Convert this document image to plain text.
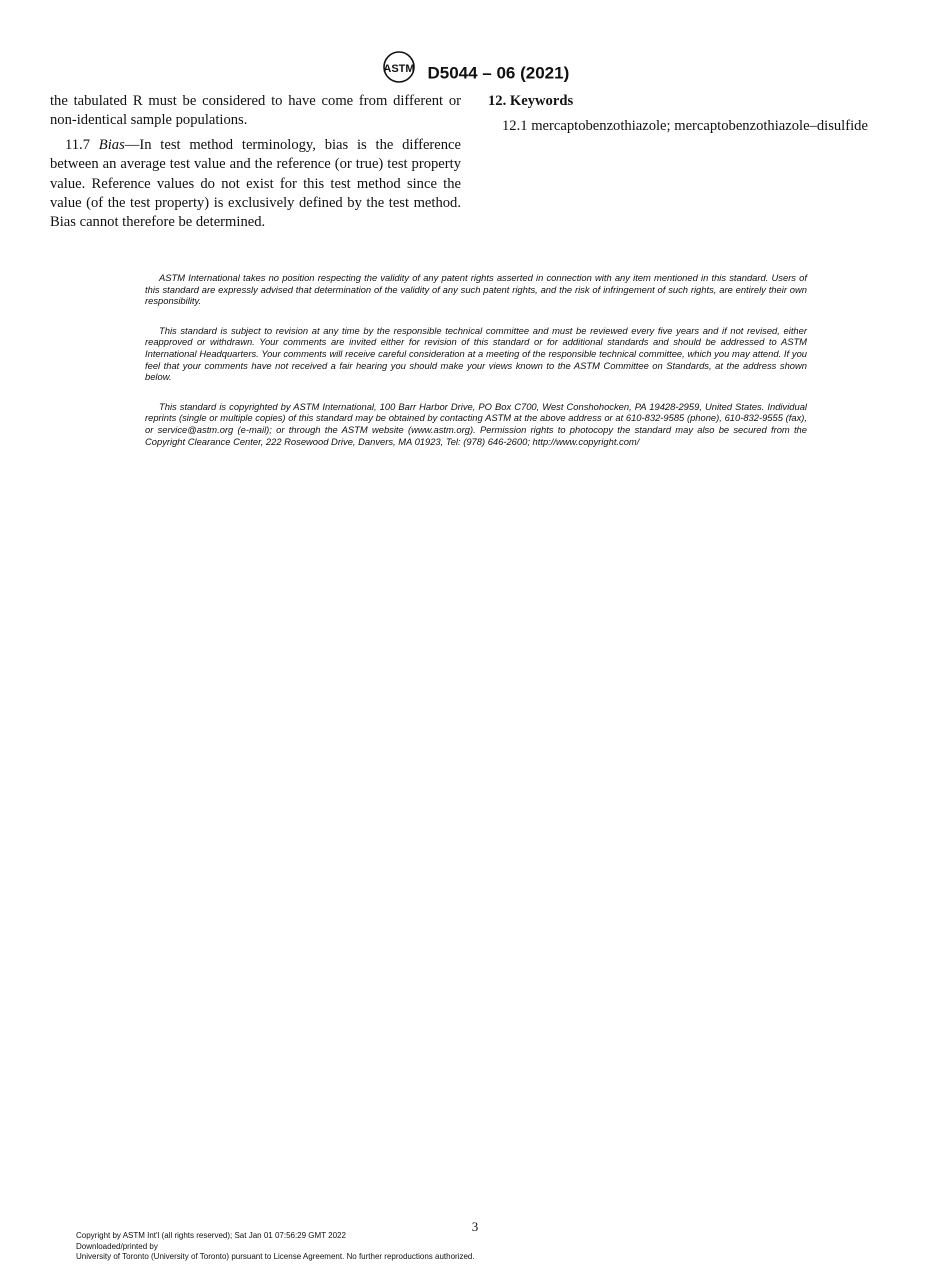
ASTM D5044 – 06 (2021)

the tabulated R must be considered to have come from different or non-identical sample populations.

11.7 Bias—In test method terminology, bias is the difference between an average test value and the reference (or true) test property value. Reference values do not exist for this test method since the value (of the test property) is exclusively defined by the test method. Bias cannot therefore be determined.

12. Keywords

12.1 mercaptobenzothiazole; mercaptobenzothiazole–disulfide

ASTM International takes no position respecting the validity of any patent rights asserted in connection with any item mentioned in this standard. Users of this standard are expressly advised that determination of the validity of any such patent rights, and the risk of infringement of such rights, are entirely their own responsibility.

This standard is subject to revision at any time by the responsible technical committee and must be reviewed every five years and if not revised, either reapproved or withdrawn. Your comments are invited either for revision of this standard or for additional standards and should be addressed to ASTM International Headquarters. Your comments will receive careful consideration at a meeting of the responsible technical committee, which you may attend. If you feel that your comments have not received a fair hearing you should make your views known to the ASTM Committee on Standards, at the address shown below.

This standard is copyrighted by ASTM International, 100 Barr Harbor Drive, PO Box C700, West Conshohocken, PA 19428-2959, United States. Individual reprints (single or multiple copies) of this standard may be obtained by contacting ASTM at the above address or at 610-832-9585 (phone), 610-832-9555 (fax), or service@astm.org (e-mail); or through the ASTM website (www.astm.org). Permission rights to photocopy the standard may also be secured from the Copyright Clearance Center, 222 Rosewood Drive, Danvers, MA 01923, Tel: (978) 646-2600; http://www.copyright.com/

3
Copyright by ASTM Int'l (all rights reserved); Sat Jan 01 07:56:29 GMT 2022
Downloaded/printed by
University of Toronto (University of Toronto) pursuant to License Agreement. No further reproductions authorized.
